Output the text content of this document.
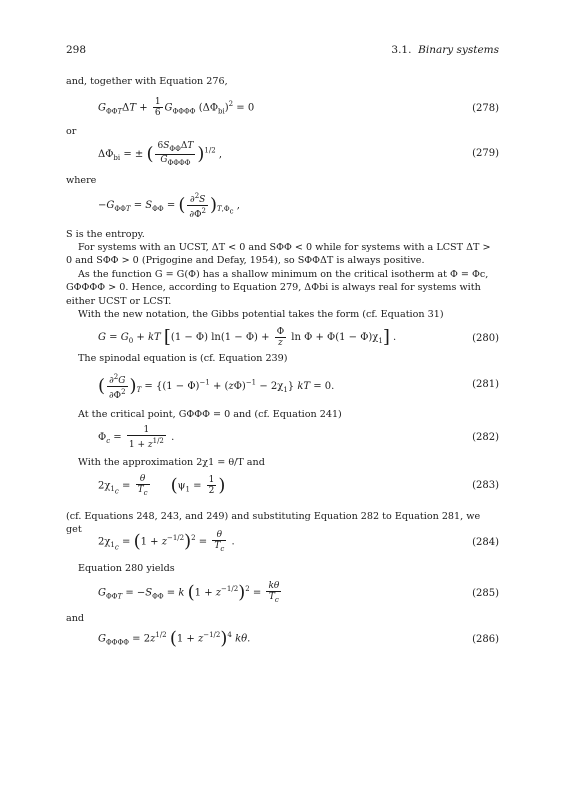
298	3.1. Binary systems
and, together with Equation 276,
$G_{\Phi\Phi T}\Delta T + \frac{1}{6} G_{\Phi\Phi\Phi\Phi}$ $(\Delta\Phi_{bi})^2 = 0$	(278)
or
$\Delta\Phi_{bi}$ = ± ( $\frac{6S_{\Phi\Phi}\Delta T}{G_{\Phi\Phi\Phi\Phi}} )^{1/2}$ ,	(279)
where
$-G_{\Phi\Phi T} = S_{\Phi\Phi}$ = ( $\frac{\partial^2S}{\partial\Phi^2} )_{T,\Phi_c}$ ,
S is the entropy.
For systems with an UCST, ΔT < 0 and SΦΦ < 0 while for systems with a LCST ΔT > 0 and SΦΦ > 0 (Prigogine and Defay, 1954), so SΦΦΔT is always positive.
As the function G = G(Φ) has a shallow minimum on the critical isotherm at Φ = Φc, GΦΦΦΦ > 0. Hence, according to Equation 279, ΔΦbi is always real for systems with either UCST or LCST.
With the new notation, the Gibbs potential takes the form (cf. Equation 31)
$G = G_0$ + kT [(1 − Φ) $\ln(1 - \Phi) + \frac{\Phi}{z}$ $\ln \Phi + \Phi(1 - \Phi)\chi_1$] .	(280)
The spinodal equation is (cf. Equation 239)
( $\frac{\partial^2G}{\partial\Phi^2} )_T = \{(1 - \Phi)^{-1} + (z\Phi)^{-1} - 2\chi_1\}$ kT = 0.	(281)
At the critical point, GΦΦΦ = 0 and (cf. Equation 241)
$\Phi_c = \frac{1}{1 + z^{1/2}}$ .	(282)
With the approximation 2χ1 = θ/T and
$2\chi_{1_c} = \frac{\theta}{T_c} (\psi_1 = \frac{1}{2}$ )	(283)
(cf. Equations 248, 243, and 249) and substituting Equation 282 to Equation 281, we get
$2\chi_{1_c} = (1 + z^{-1/2})^2 = \frac{\theta}{T_c}$ .	(284)
Equation 280 yields
$G_{\Phi\Phi T} = -S_{\Phi\Phi} = k$ $(1 + z^{-1/2})^2 = \frac{k\theta}{T_c}$	(285)
and
$G_{\Phi\Phi\Phi\Phi} = 2z^{1/2}$ $(1 + z^{-1/2})^4$ kθ.	(286)
